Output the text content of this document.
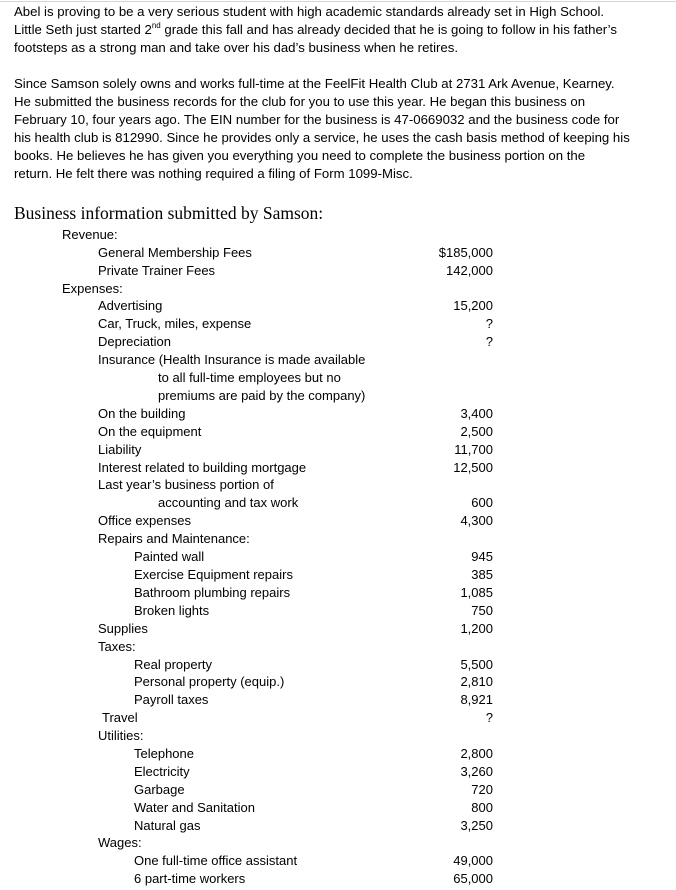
Abel is proving to be a very serious student with high academic standards already set in High School.
Little Seth just started 2nd grade this fall and has already decided that he is going to follow in his father’s
footsteps as a strong man and take over his dad’s business when he retires.
Since Samson solely owns and works full-time at the FeelFit Health Club at 2731 Ark Avenue, Kearney.
He submitted the business records for the club for you to use this year. He began this business on
February 10, four years ago. The EIN number for the business is 47-0669032 and the business code for
his health club is 812990. Since he provides only a service, he uses the cash basis method of keeping his
books. He believes he has given you everything you need to complete the business portion on the
return. He felt there was nothing required a filing of Form 1099-Misc.
Business information submitted by Samson:
Revenue:
General Membership Fees	$185,000
Private Trainer Fees	142,000
Expenses:
Advertising	15,200
Car, Truck, miles, expense	?
Depreciation	?
Insurance (Health Insurance is made available
to all full-time employees but no
premiums are paid by the company)
On the building	3,400
On the equipment	2,500
Liability	11,700
Interest related to building mortgage	12,500
Last year’s business portion of
accounting and tax work	600
Office expenses	4,300
Repairs and Maintenance:
Painted wall	945
Exercise Equipment repairs	385
Bathroom plumbing repairs	1,085
Broken lights	750
Supplies	1,200
Taxes:
Real property	5,500
Personal property (equip.)	2,810
Payroll taxes	8,921
Travel	?
Utilities:
Telephone	2,800
Electricity	3,260
Garbage	720
Water and Sanitation	800
Natural gas	3,250
Wages:
One full-time office assistant	49,000
6 part-time workers	65,000
